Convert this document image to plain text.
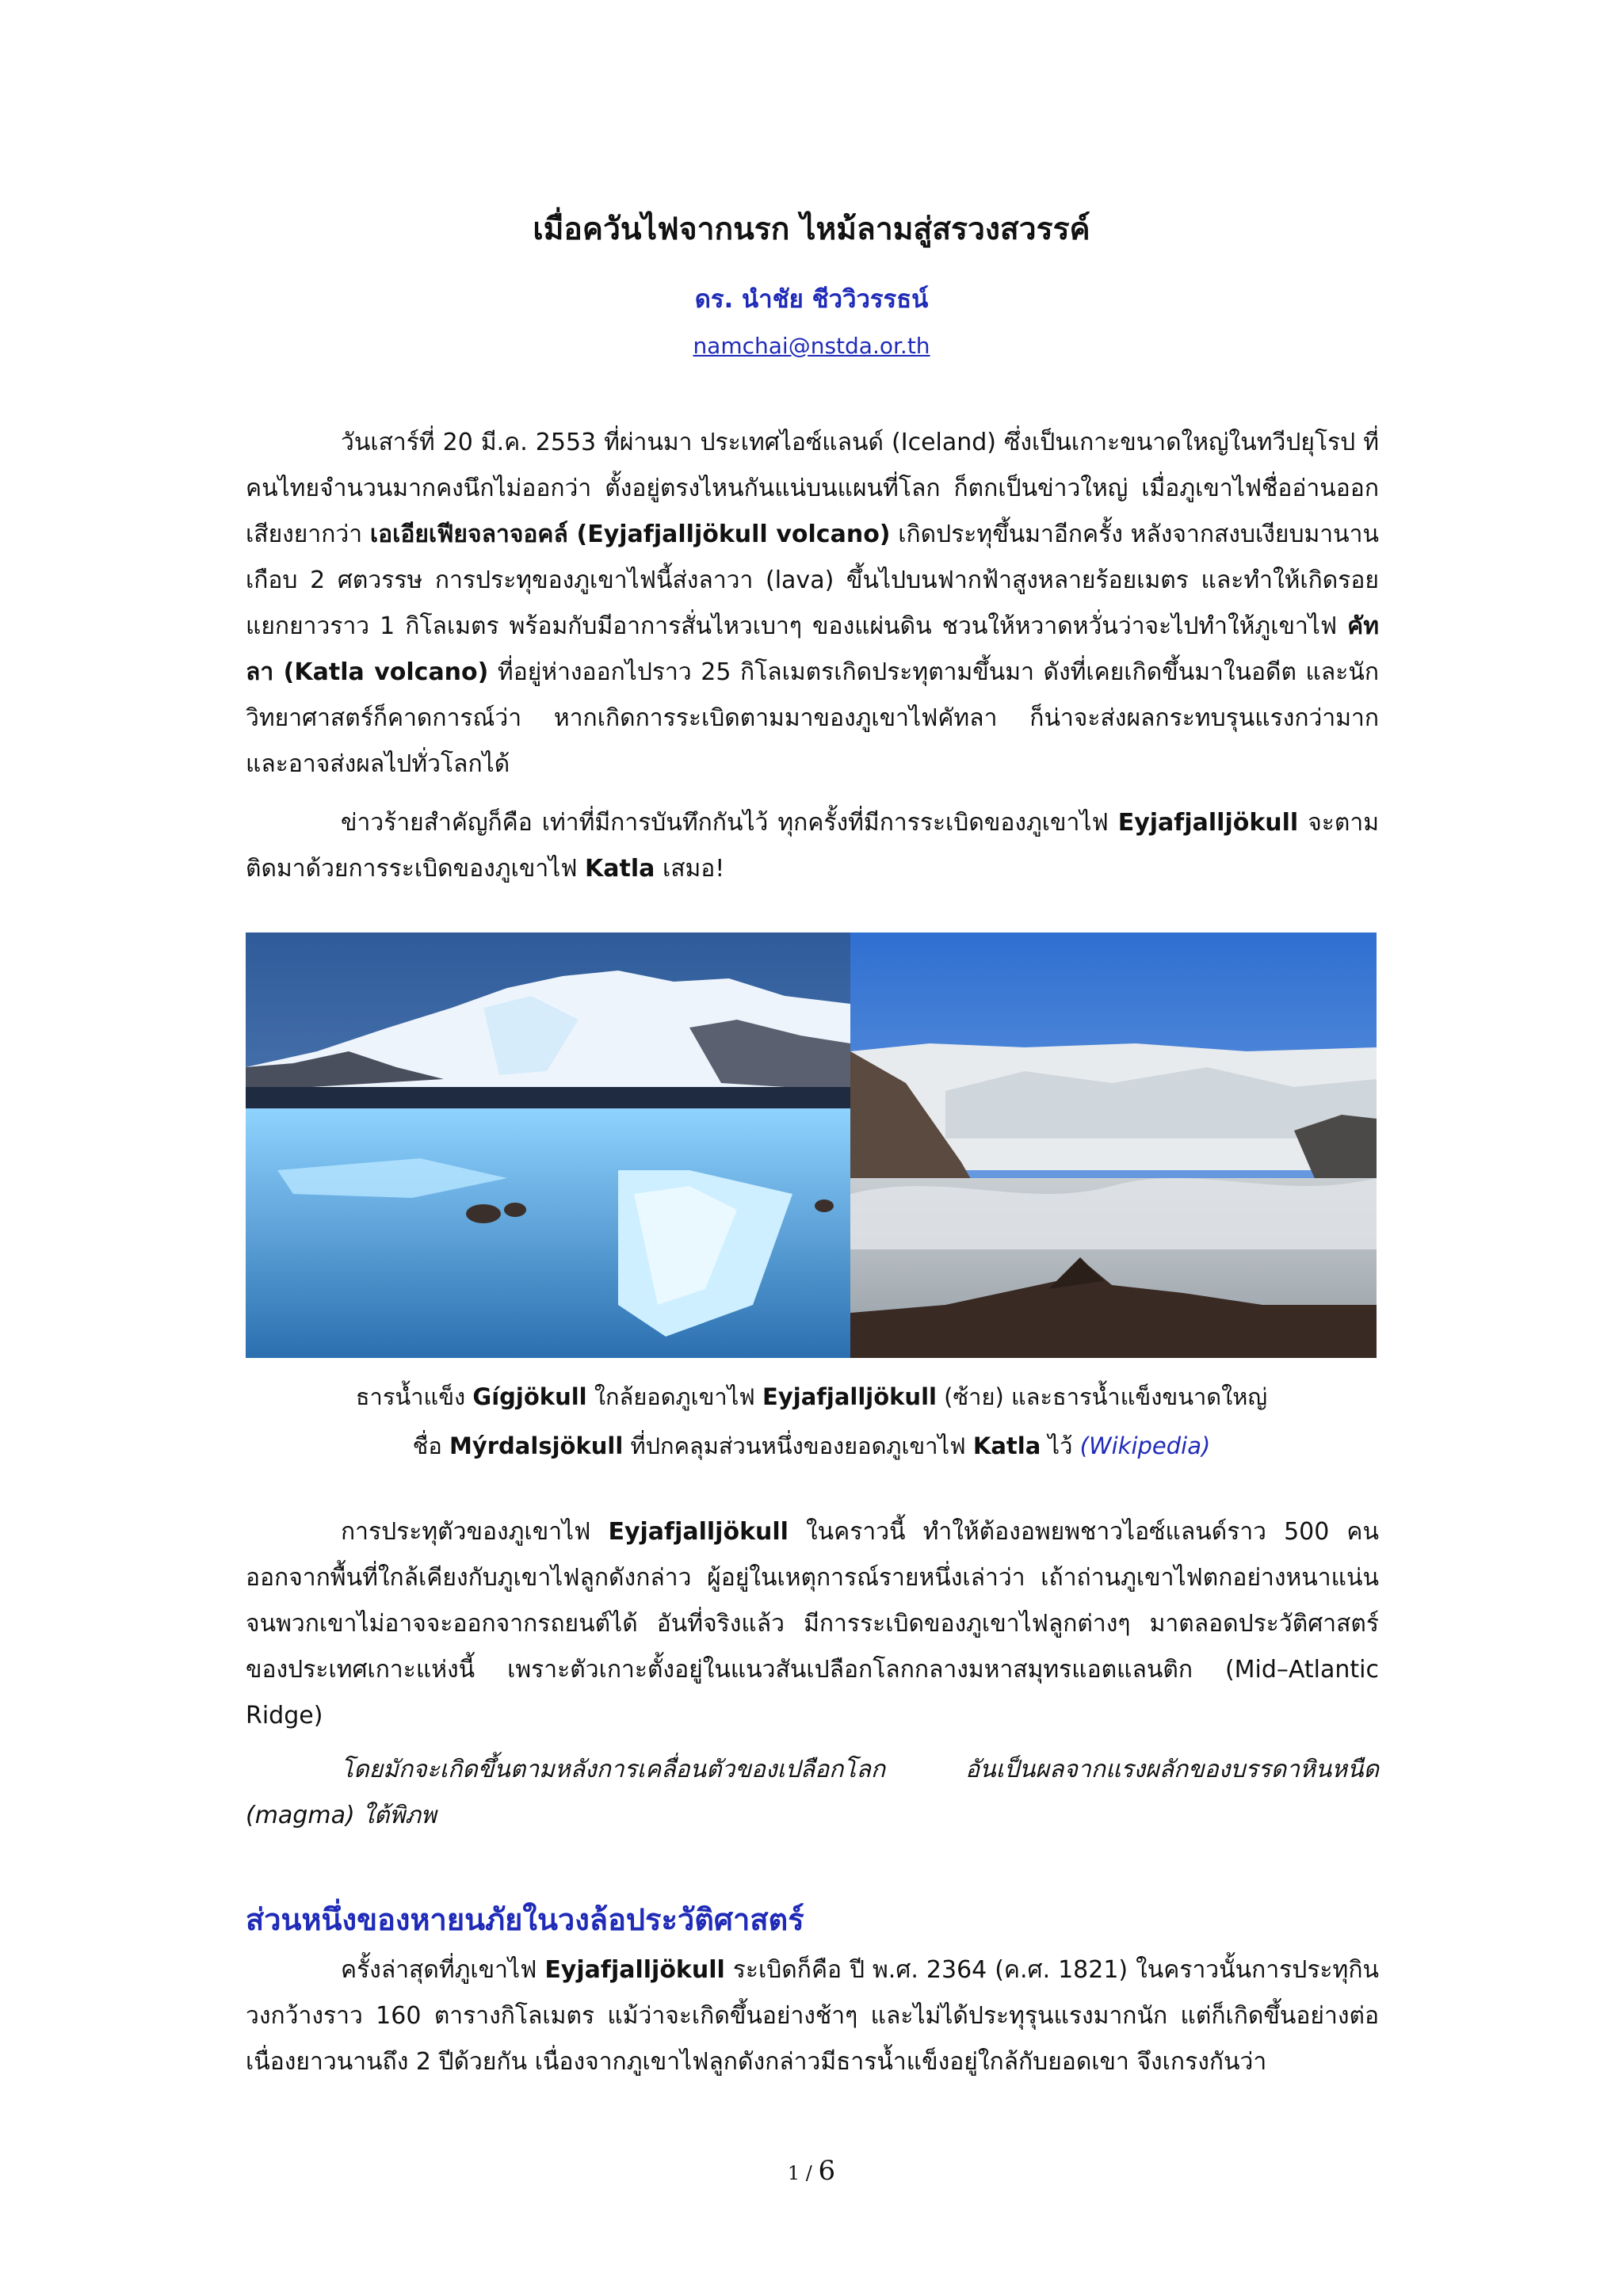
เมื่อควันไฟจากนรก ไหม้ลามสู่สรวงสวรรค์
ดร. นำชัย ชีววิวรรธน์
namchai@nstda.or.th

วันเสาร์ที่ 20 มี.ค. 2553 ที่ผ่านมา ประเทศไอซ์แลนด์ (Iceland) ซึ่งเป็นเกาะขนาดใหญ่ในทวีปยุโรป ที่คนไทยจำนวนมากคงนึกไม่ออกว่า ตั้งอยู่ตรงไหนกันแน่บนแผนที่โลก ก็ตกเป็นข่าวใหญ่ เมื่อภูเขาไฟชื่ออ่านออกเสียงยากว่า เอเอียเฟียจลาจอคล์ (Eyjafjalljökull volcano) เกิดประทุขึ้นมาอีกครั้ง หลังจากสงบเงียบมานานเกือบ 2 ศตวรรษ การประทุของภูเขาไฟนี้ส่งลาวา (lava) ขึ้นไปบนฟากฟ้าสูงหลายร้อยเมตร และทำให้เกิดรอยแยกยาวราว 1 กิโลเมตร พร้อมกับมีอาการสั่นไหวเบาๆ ของแผ่นดิน ชวนให้หวาดหวั่นว่าจะไปทำให้ภูเขาไฟ คัทลา (Katla volcano) ที่อยู่ห่างออกไปราว 25 กิโลเมตรเกิดประทุตามขึ้นมา ดังที่เคยเกิดขึ้นมาในอดีต และนักวิทยาศาสตร์ก็คาดการณ์ว่า หากเกิดการระเบิดตามมาของภูเขาไฟคัทลา ก็น่าจะส่งผลกระทบรุนแรงกว่ามาก และอาจส่งผลไปทั่วโลกได้

ข่าวร้ายสำคัญก็คือ เท่าที่มีการบันทึกกันไว้ ทุกครั้งที่มีการระเบิดของภูเขาไฟ Eyjafjalljökull จะตามติดมาด้วยการระเบิดของภูเขาไฟ Katla เสมอ!

ธารน้ำแข็ง Gígjökull ใกล้ยอดภูเขาไฟ Eyjafjalljökull (ซ้าย) และธารน้ำแข็งขนาดใหญ่
ชื่อ Mýrdalsjökull ที่ปกคลุมส่วนหนึ่งของยอดภูเขาไฟ Katla ไว้ (Wikipedia)

การประทุตัวของภูเขาไฟ Eyjafjalljökull ในคราวนี้ ทำให้ต้องอพยพชาวไอซ์แลนด์ราว 500 คน ออกจากพื้นที่ใกล้เคียงกับภูเขาไฟลูกดังกล่าว ผู้อยู่ในเหตุการณ์รายหนึ่งเล่าว่า เถ้าถ่านภูเขาไฟตกอย่างหนาแน่นจนพวกเขาไม่อาจจะออกจากรถยนต์ได้ อันที่จริงแล้ว มีการระเบิดของภูเขาไฟลูกต่างๆ มาตลอดประวัติศาสตร์ของประเทศเกาะแห่งนี้ เพราะตัวเกาะตั้งอยู่ในแนวสันเปลือกโลกกลางมหาสมุทรแอตแลนติก (Mid–Atlantic Ridge)

โดยมักจะเกิดขึ้นตามหลังการเคลื่อนตัวของเปลือกโลก อันเป็นผลจากแรงผลักของบรรดาหินหนืด (magma) ใต้พิภพ

ส่วนหนึ่งของหายนภัยในวงล้อประวัติศาสตร์

ครั้งล่าสุดที่ภูเขาไฟ Eyjafjalljökull ระเบิดก็คือ ปี พ.ศ. 2364 (ค.ศ. 1821) ในคราวนั้นการประทุกินวงกว้างราว 160 ตารางกิโลเมตร แม้ว่าจะเกิดขึ้นอย่างช้าๆ และไม่ได้ประทุรุนแรงมากนัก แต่ก็เกิดขึ้นอย่างต่อเนื่องยาวนานถึง 2 ปีด้วยกัน เนื่องจากภูเขาไฟลูกดังกล่าวมีธารน้ำแข็งอยู่ใกล้กับยอดเขา จึงเกรงกันว่า

1 / 6
